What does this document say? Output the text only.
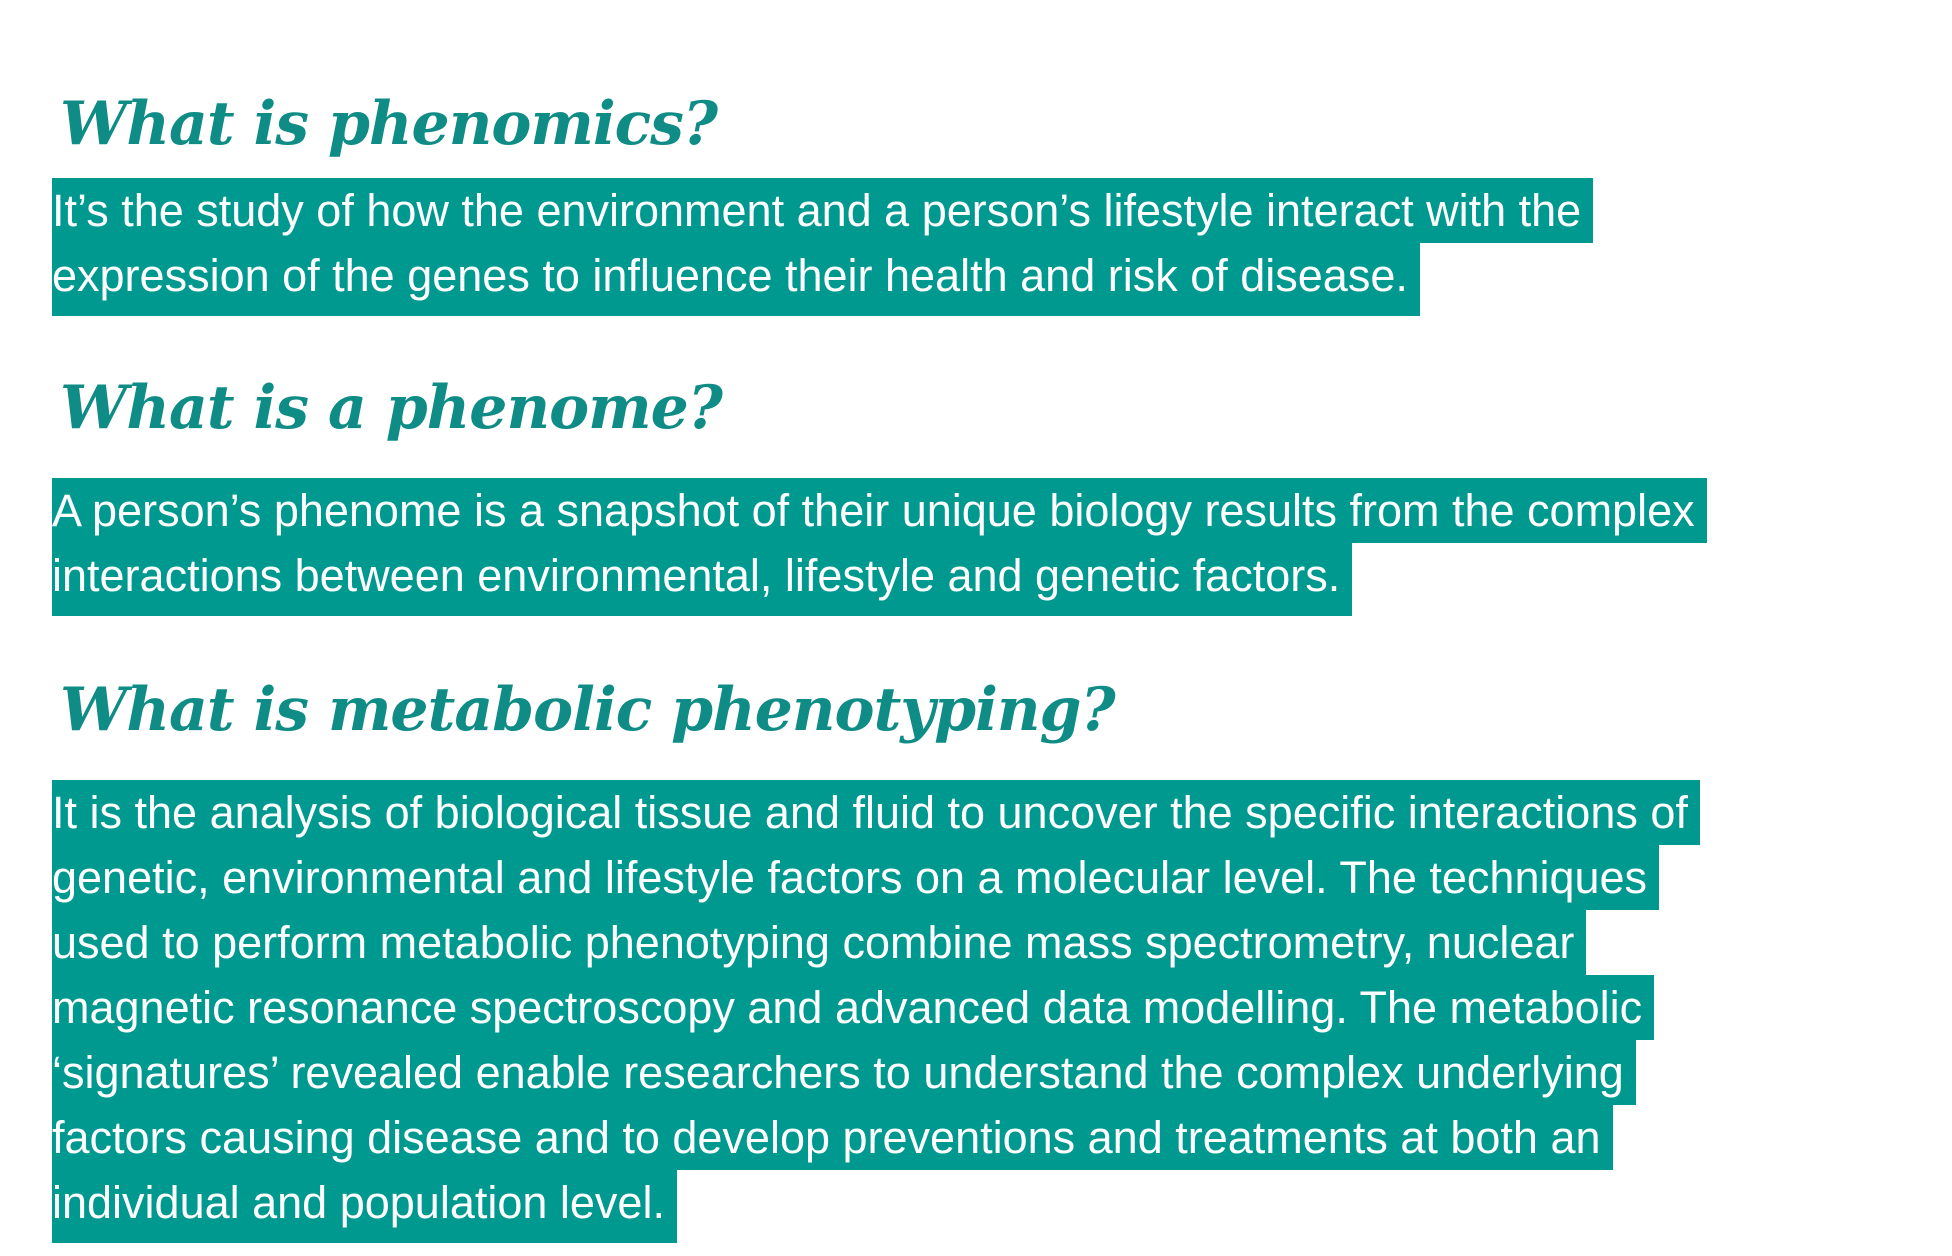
What is phenomics?
It’s the study of how the environment and a person’s lifestyle interact with the
expression of the genes to influence their health and risk of disease.
What is a phenome?
A person’s phenome is a snapshot of their unique biology results from the complex
interactions between environmental, lifestyle and genetic factors.
What is metabolic phenotyping?
It is the analysis of biological tissue and fluid to uncover the specific interactions of
genetic, environmental and lifestyle factors on a molecular level. The techniques
used to perform metabolic phenotyping combine mass spectrometry, nuclear
magnetic resonance spectroscopy and advanced data modelling. The metabolic
‘signatures’ revealed enable researchers to understand the complex underlying
factors causing disease and to develop preventions and treatments at both an
individual and population level.
